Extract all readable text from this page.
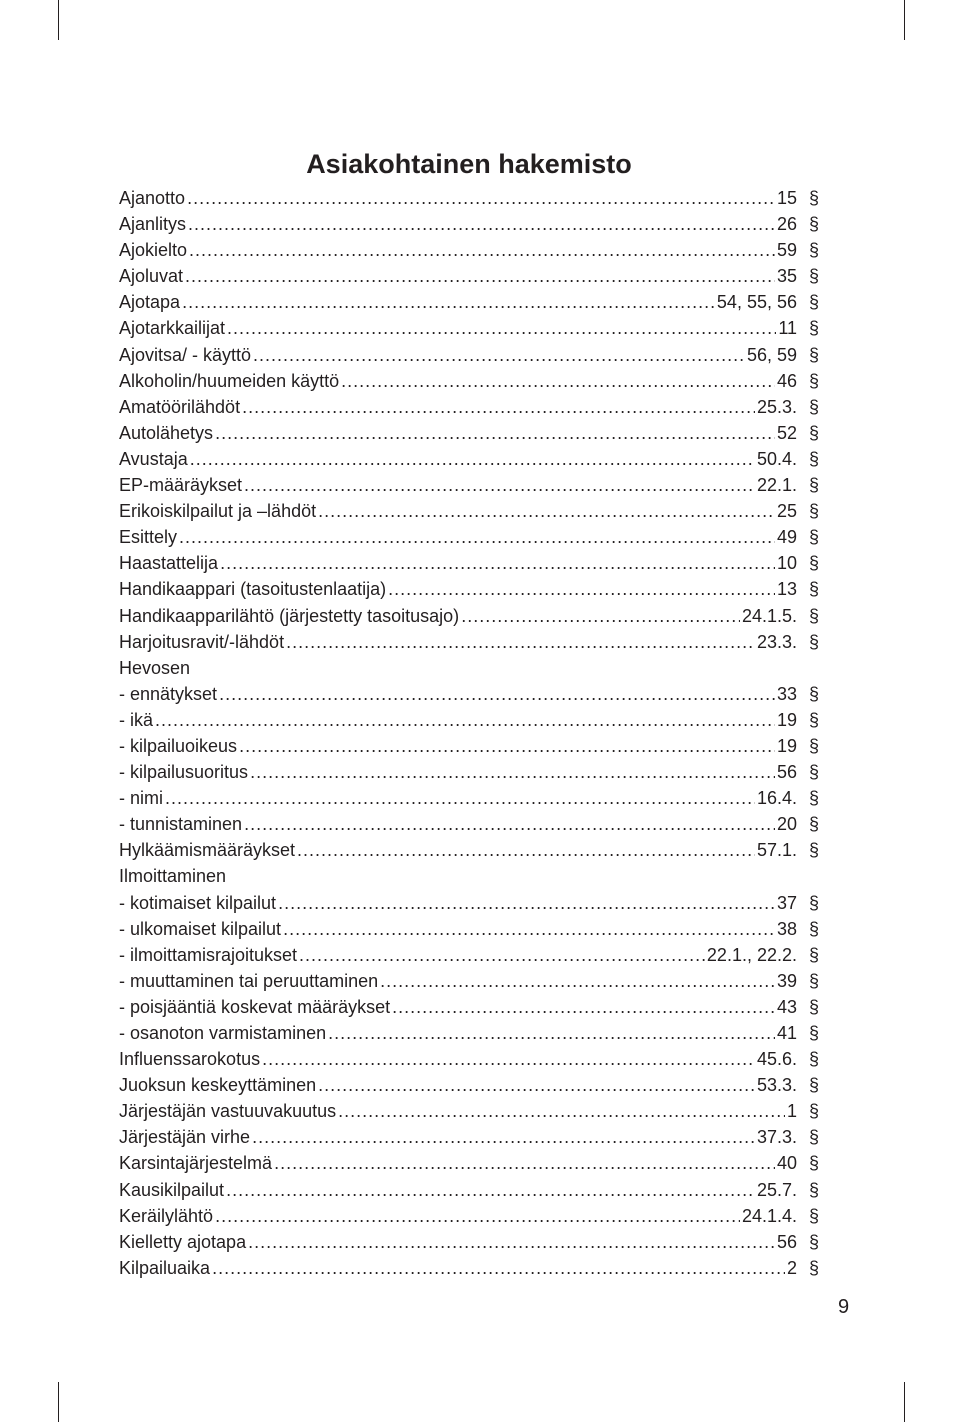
Asiakohtainen hakemisto
Ajanotto .....	15 §
Ajanlitys .....	26 §
Ajokielto .....	59 §
Ajoluvat .....	35 §
Ajotapa .....	54, 55, 56 §
Ajotarkkailijat .....	11 §
Ajovitsa/ - käyttö .....	56, 59 §
Alkoholin/huumeiden käyttö .....	46 §
Amatöörilähdöt .....	25.3. §
Autolähetys .....	52 §
Avustaja .....	50.4. §
EP-määräykset .....	22.1. §
Erikoiskilpailut ja –lähdöt .....	25 §
Esittely .....	49 §
Haastattelija .....	10 §
Handikaappari (tasoitustenlaatija) .....	13 §
Handikaapparilähtö (järjestetty tasoitusajo) .....	24.1.5. §
Harjoitusravit/-lähdöt .....	23.3. §
Hevosen
- ennätykset .....	33 §
- ikä .....	19 §
- kilpailuoikeus .....	19 §
- kilpailusuoritus .....	56 §
- nimi .....	16.4. §
- tunnistaminen .....	20 §
Hylkäämismääräykset .....	57.1. §
Ilmoittaminen
- kotimaiset kilpailut .....	37 §
- ulkomaiset kilpailut .....	38 §
- ilmoittamisrajoitukset .....	22.1., 22.2. §
- muuttaminen tai peruuttaminen .....	39 §
- poisjääntiä koskevat määräykset .....	43 §
- osanoton varmistaminen .....	41 §
Influenssarokotus .....	45.6. §
Juoksun keskeyttäminen .....	53.3. §
Järjestäjän vastuuvakuutus .....	1 §
Järjestäjän virhe .....	37.3. §
Karsintajärjestelmä .....	40 §
Kausikilpailut .....	25.7. §
Keräilylähtö .....	24.1.4. §
Kielletty ajotapa .....	56 §
Kilpailuaika .....	2 §
9
